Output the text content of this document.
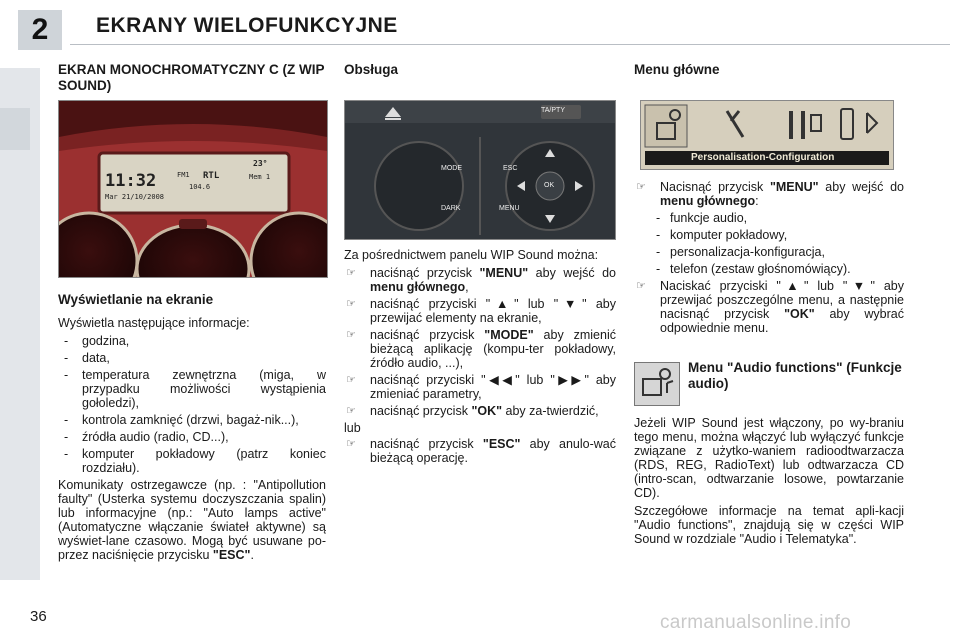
2	EKRANY WIELOFUNKCYJNE
EKRAN MONOCHROMATYCZNY C (Z WIP SOUND)
11:32
Mar 21/10/2008
FM1 RTL
104.6
23°
Mem 1
Wyświetlanie na ekranie

Wyświetla następujące informacje:

- godzina,
- data,
- temperatura zewnętrzna (miga, w przypadku możliwości wystąpienia gołoledzi),
- kontrola zamknięć (drzwi, bagaż-nik...),
- źródła audio (radio, CD...),
- komputer pokładowy (patrz koniec rozdziału).

Komunikaty ostrzegawcze (np. : "Antipollution faulty" (Usterka systemu doczyszczania spalin) lub informacyjne (np.: "Auto lamps active" (Automatyczne włączanie świateł aktywne) są wyświet-lane czasowo. Mogą być usuwane po-przez naciśnięcie przycisku "ESC".

Obsługa
TA/PTY
MODE
DARK
ESC
MENU
OK

Za pośrednictwem panelu WIP Sound można:

☞ naciśnąć przycisk "MENU" aby wejść do menu głównego,
☞ naciśnąć przyciski "▲" lub "▼" aby przewijać elementy na ekranie,
☞ naciśnąć przycisk "MODE" aby zmienić bieżącą aplikację (kompu-ter pokładowy, źródło audio, ...),
☞ naciśnąć przyciski "◀◀" lub "▶▶" aby zmieniać parametry,
☞ naciśnąć przycisk "OK" aby za-twierdzić,

lub

☞ naciśnąć przycisk "ESC" aby anulo-wać bieżącą operację.
Menu główne
Personalisation-Configuration
☞ Nacisnąć przycisk "MENU" aby wejść do menu głównego:
- funkcje audio,
- komputer pokładowy,
- personalizacja-konfiguracja,
- telefon (zestaw głośnomówiący).
☞ Naciskać przyciski "▲" lub "▼" aby przewijać poszczególne menu, a następnie nacisnąć przycisk "OK" aby wybrać odpowiednie menu.
Menu "Audio functions" (Funkcje audio)

Jeżeli WIP Sound jest włączony, po wy-braniu tego menu, można włączyć lub wyłączyć funkcje związane z użytko-waniem radioodtwarzacza (RDS, REG, RadioText) lub odtwarzacza CD (intro-scan, odtwarzanie losowe, powtarzanie CD).

Szczegółowe informacje na temat apli-kacji "Audio functions", znajdują się w części WIP Sound w rozdziale "Audio i Telematyka".

36	carmanualsonline.info
